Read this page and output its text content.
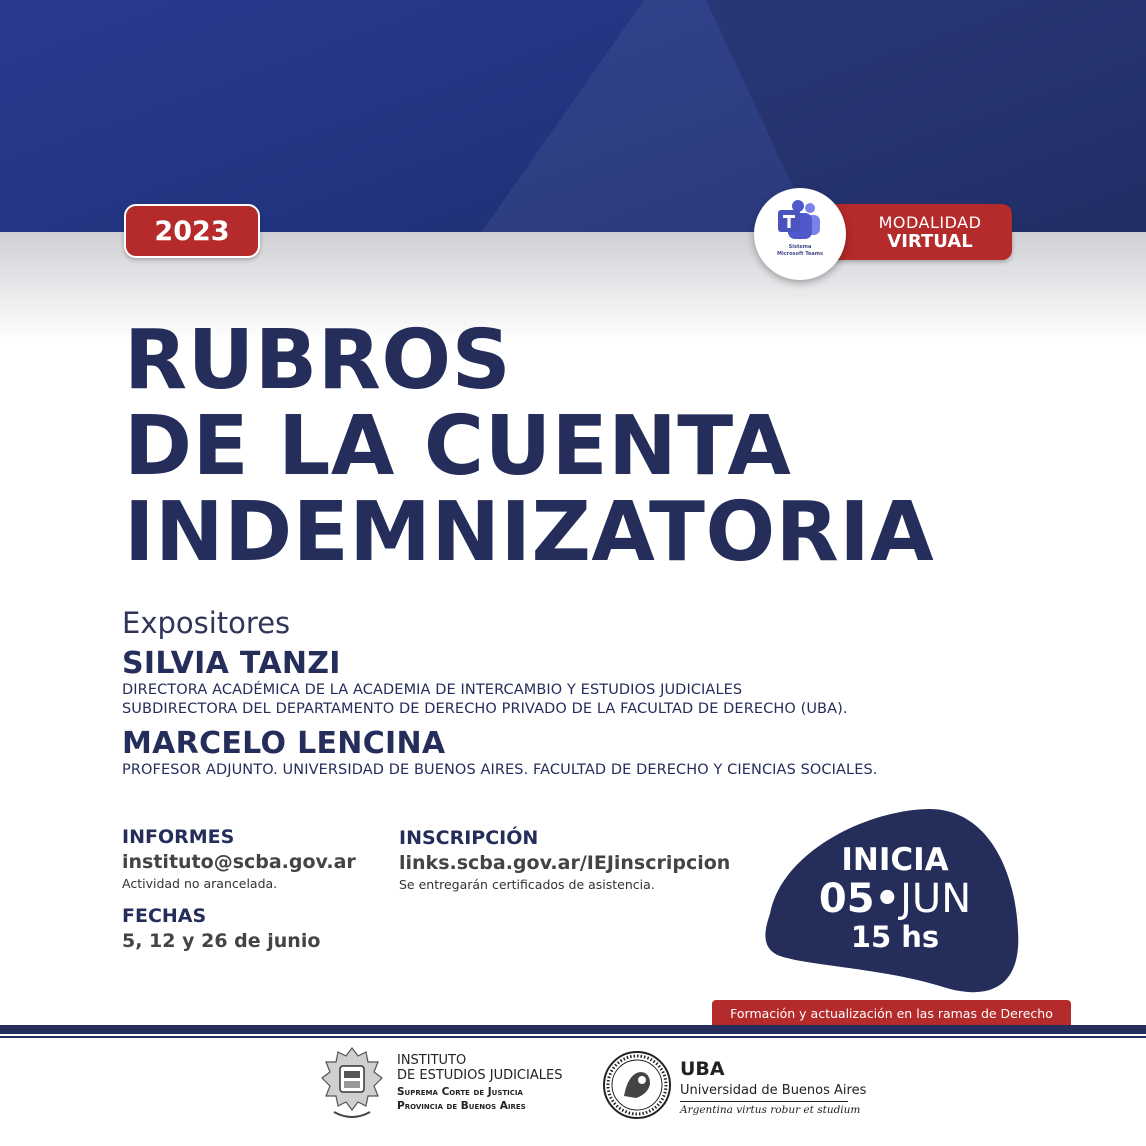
2023	MODALIDAD
VIRTUAL
Sistema
Microsoft Teams
RUBROS
DE LA CUENTA
INDEMNIZATORIA
Expositores
SILVIA TANZI
DIRECTORA ACADÉMICA DE LA ACADEMIA DE INTERCAMBIO Y ESTUDIOS JUDICIALES
SUBDIRECTORA DEL DEPARTAMENTO DE DERECHO PRIVADO DE LA FACULTAD DE DERECHO (UBA).
MARCELO LENCINA
PROFESOR ADJUNTO. UNIVERSIDAD DE BUENOS AIRES. FACULTAD DE DERECHO Y CIENCIAS SOCIALES.
INFORMES
instituto@scba.gov.ar
Actividad no arancelada.
INSCRIPCIÓN
links.scba.gov.ar/IEJinscripcion
Se entregarán certificados de asistencia.
FECHAS
5, 12 y 26 de junio
INICIA
05•JUN
15 hs
Formación y actualización en las ramas de Derecho
INSTITUTO
DE ESTUDIOS JUDICIALES
Suprema Corte de Justicia
Provincia de Buenos Aires
UBA
Universidad de Buenos Aires
Argentina virtus robur et studium
